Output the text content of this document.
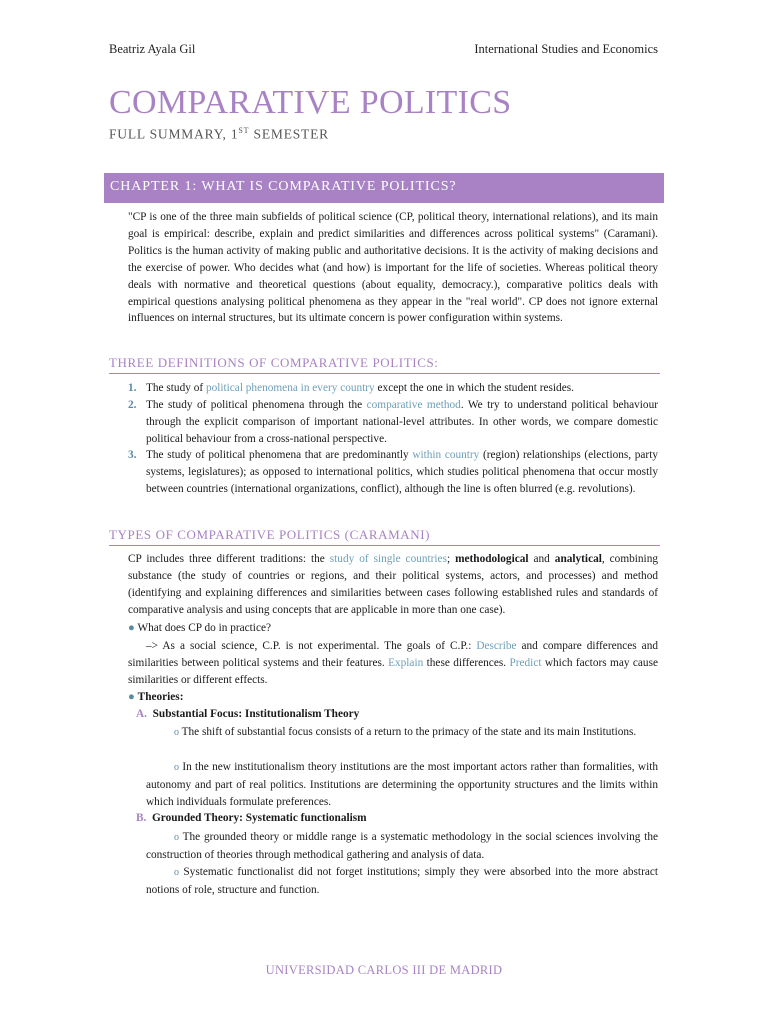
Beatriz Ayala Gil	International Studies and Economics
COMPARATIVE POLITICS
FULL SUMMARY, 1ST SEMESTER
CHAPTER 1: WHAT IS COMPARATIVE POLITICS?
"CP is one of the three main subfields of political science (CP, political theory, international relations), and its main goal is empirical: describe, explain and predict similarities and differences across political systems" (Caramani). Politics is the human activity of making public and authoritative decisions. It is the activity of making decisions and the exercise of power. Who decides what (and how) is important for the life of societies. Whereas political theory deals with normative and theoretical questions (about equality, democracy.), comparative politics deals with empirical questions analysing political phenomena as they appear in the "real world". CP does not ignore external influences on internal structures, but its ultimate concern is power configuration within systems.
THREE DEFINITIONS OF COMPARATIVE POLITICS:
1. The study of political phenomena in every country except the one in which the student resides.
2. The study of political phenomena through the comparative method. We try to understand political behaviour through the explicit comparison of important national-level attributes. In other words, we compare domestic political behaviour from a cross-national perspective.
3. The study of political phenomena that are predominantly within country (region) relationships (elections, party systems, legislatures); as opposed to international politics, which studies political phenomena that occur mostly between countries (international organizations, conflict), although the line is often blurred (e.g. revolutions).
TYPES OF COMPARATIVE POLITICS (CARAMANI)
CP includes three different traditions: the study of single countries; methodological and analytical, combining substance (the study of countries or regions, and their political systems, actors, and processes) and method (identifying and explaining differences and similarities between cases following established rules and standards of comparative analysis and using concepts that are applicable in more than one case).
● What does CP do in practice?
–> As a social science, C.P. is not experimental. The goals of C.P.: Describe and compare differences and similarities between political systems and their features. Explain these differences. Predict which factors may cause similarities or different effects.
● Theories:
A. Substantial Focus: Institutionalism Theory
o The shift of substantial focus consists of a return to the primacy of the state and its main Institutions.
o In the new institutionalism theory institutions are the most important actors rather than formalities, with autonomy and part of real politics. Institutions are determining the opportunity structures and the limits within which individuals formulate preferences.
B. Grounded Theory: Systematic functionalism
o The grounded theory or middle range is a systematic methodology in the social sciences involving the construction of theories through methodical gathering and analysis of data.
o Systematic functionalist did not forget institutions; simply they were absorbed into the more abstract notions of role, structure and function.
UNIVERSIDAD CARLOS III DE MADRID
